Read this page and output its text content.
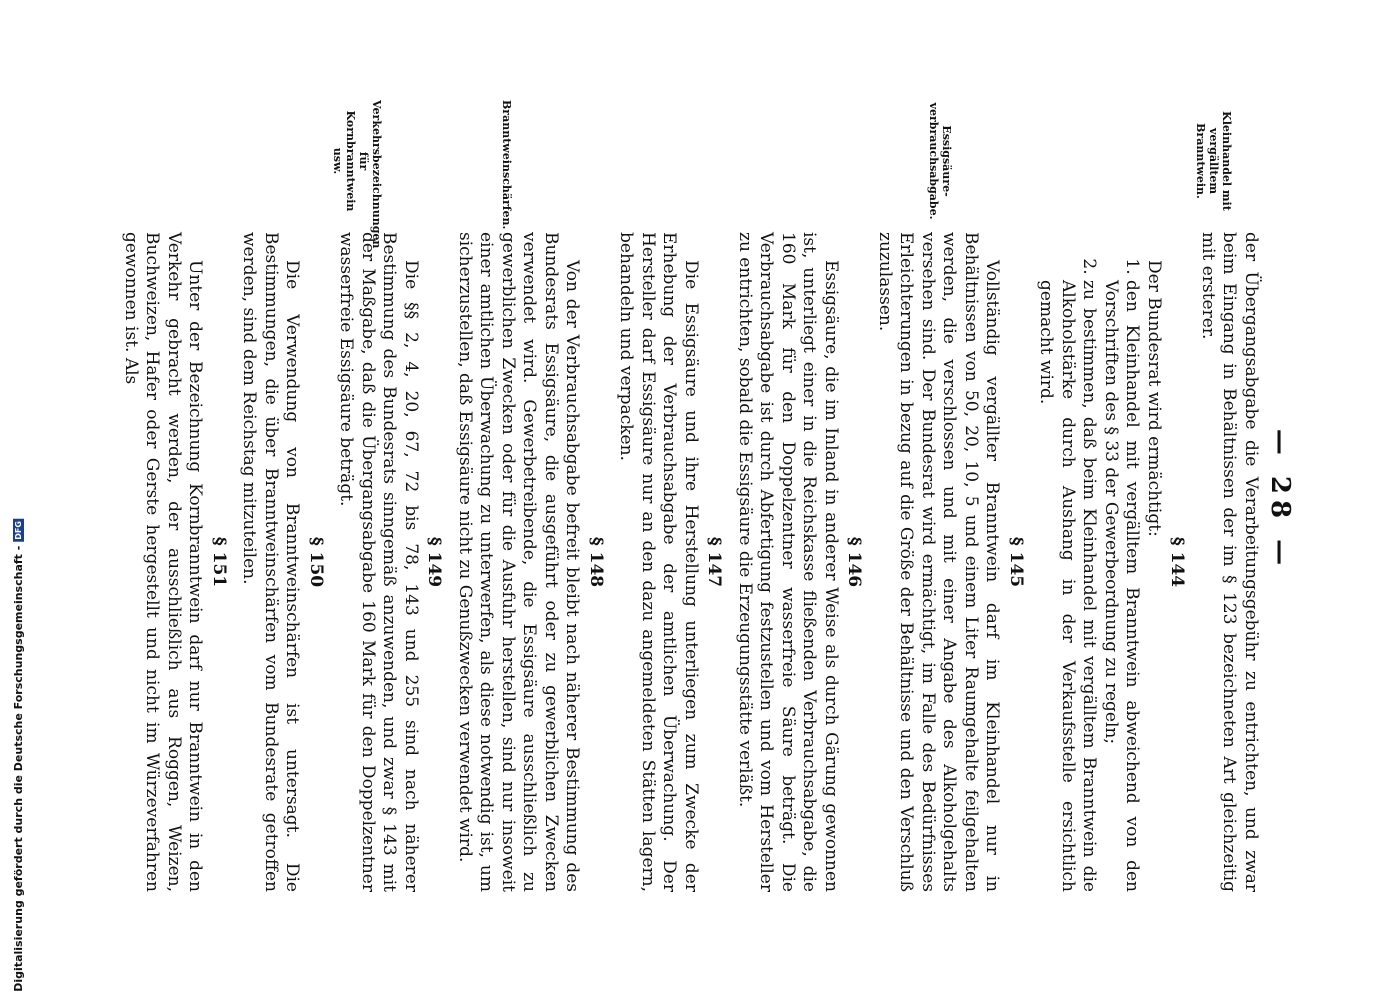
— 28 —
Kleinhandel mit vergälltem Branntwein.
Essigsäure-verbrauchsabgabe.
Branntweinschärfen.
Verkehrsbezeichnungen für Kornbranntwein usw.

der Übergangsabgabe die Verarbeitungsgebühr zu entrichten, und zwar beim Eingang in Behältnissen der im § 123 bezeichneten Art gleichzeitig mit ersterer.

§ 144

Der Bundesrat wird ermächtigt:

1. den Kleinhandel mit vergälltem Branntwein abweichend von den Vorschriften des § 33 der Gewerbeordnung zu regeln;
2. zu bestimmen, daß beim Kleinhandel mit vergälltem Branntwein die Alkoholstärke durch Aushang in der Verkaufsstelle ersichtlich gemacht wird.
§ 145

Vollständig vergällter Branntwein darf im Kleinhandel nur in Behältnissen von 50, 20, 10, 5 und einem Liter Raumgehalte feilgehalten werden, die verschlossen und mit einer Angabe des Alkoholgehalts versehen sind. Der Bundesrat wird ermächtigt, im Falle des Bedürfnisses Erleichterungen in bezug auf die Größe der Behältnisse und den Verschluß zuzulassen.

§ 146

Essigsäure, die im Inland in anderer Weise als durch Gärung gewonnen ist, unterliegt einer in die Reichskasse fließenden Verbrauchsabgabe, die 160 Mark für den Doppelzentner wasserfreie Säure beträgt. Die Verbrauchsabgabe ist durch Abfertigung festzustellen und vom Hersteller zu entrichten, sobald die Essigsäure die Erzeugungsstätte verläßt.

§ 147

Die Essigsäure und ihre Herstellung unterliegen zum Zwecke der Erhebung der Verbrauchsabgabe der amtlichen Überwachung. Der Hersteller darf Essigsäure nur an den dazu angemeldeten Stätten lagern, behandeln und verpacken.

§ 148

Von der Verbrauchsabgabe befreit bleibt nach näherer Bestimmung des Bundesrats Essigsäure, die ausgeführt oder zu gewerblichen Zwecken verwendet wird. Gewerbetreibende, die Essigsäure ausschließlich zu gewerblichen Zwecken oder für die Ausfuhr herstellen, sind nur insoweit einer amtlichen Überwachung zu unterwerfen, als diese notwendig ist, um sicherzustellen, daß Essigsäure nicht zu Genußzwecken verwendet wird.

§ 149

Die §§ 2, 4, 20, 67, 72 bis 78, 143 und 255 sind nach näherer Bestimmung des Bundesrats sinngemäß anzuwenden, und zwar § 143 mit der Maßgabe, daß die Übergangsabgabe 160 Mark für den Doppelzentner wasserfreie Essigsäure beträgt.

§ 150

Die Verwendung von Branntweinschärfen ist untersagt. Die Bestimmungen, die über Branntweinschärfen vom Bundesrate getroffen werden, sind dem Reichstag mitzuteilen.

§ 151

Unter der Bezeichnung Kornbranntwein darf nur Branntwein in den Verkehr gebracht werden, der ausschließlich aus Roggen, Weizen, Buchweizen, Hafer oder Gerste hergestellt und nicht im Würzeverfahren gewonnen ist. Als

Digitalisierung gefördert durch die Deutsche Forschungsgemeinschaft -
DFG
